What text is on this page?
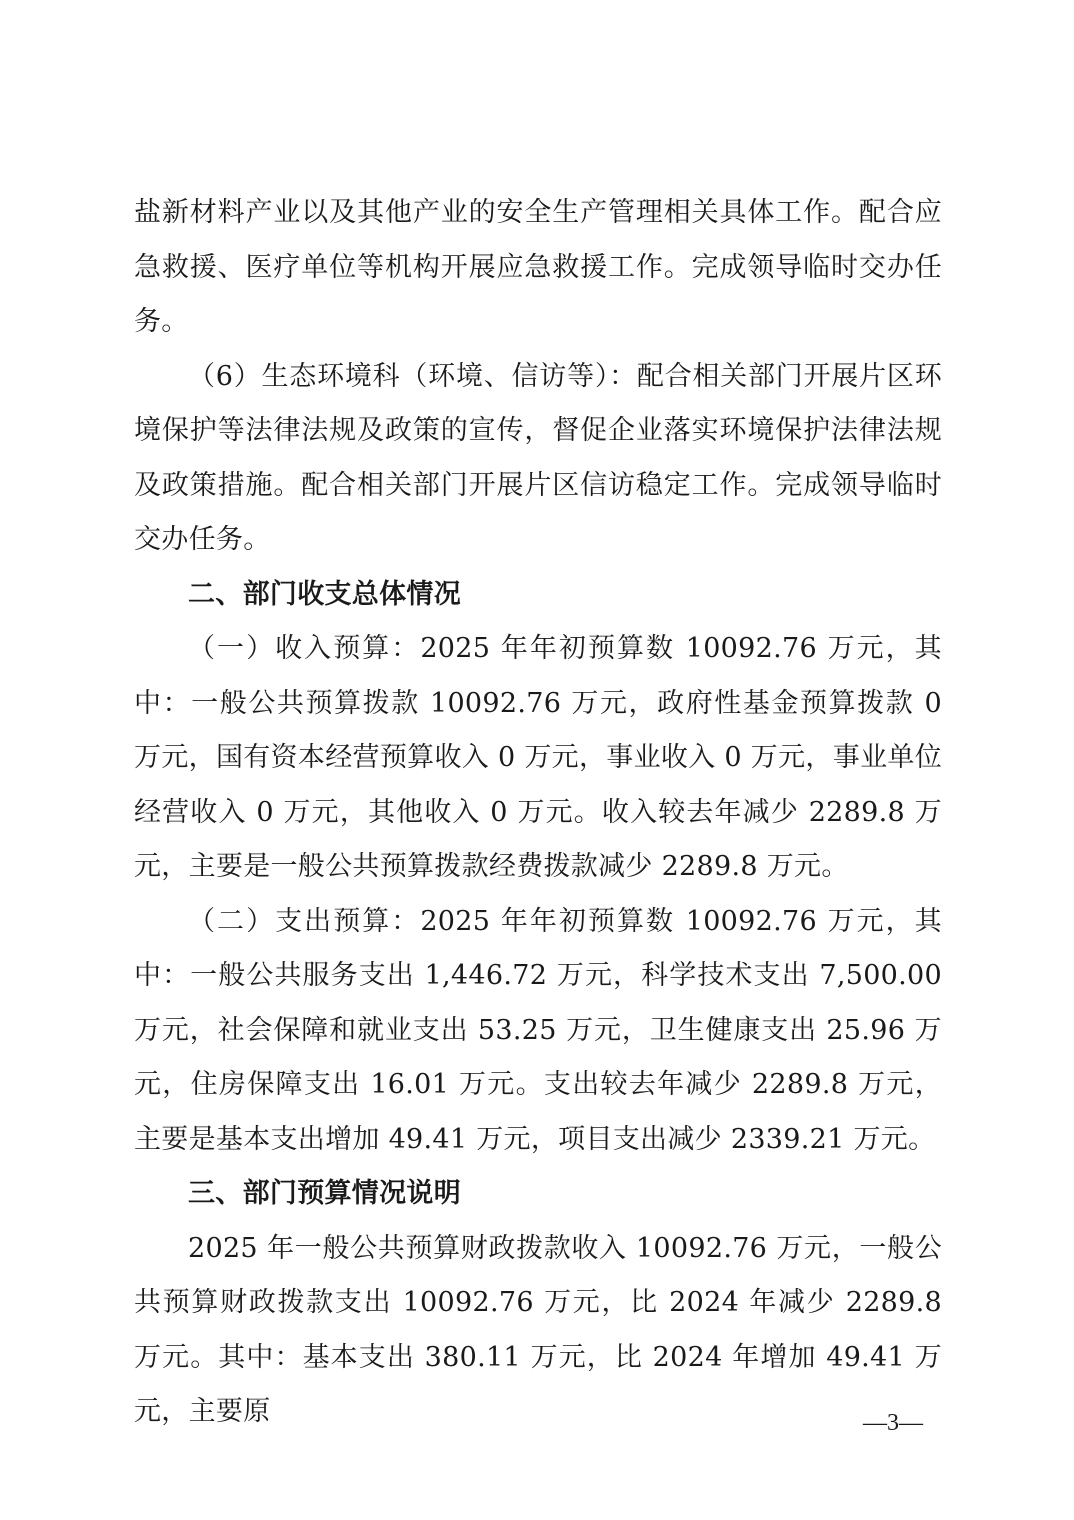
盐新材料产业以及其他产业的安全生产管理相关具体工作。配合应急救援、医疗单位等机构开展应急救援工作。完成领导临时交办任务。

（6）生态环境科（环境、信访等）：配合相关部门开展片区环境保护等法律法规及政策的宣传，督促企业落实环境保护法律法规及政策措施。配合相关部门开展片区信访稳定工作。完成领导临时交办任务。

二、部门收支总体情况

（一）收入预算：2025 年年初预算数 10092.76 万元，其中：一般公共预算拨款 10092.76 万元，政府性基金预算拨款 0 万元，国有资本经营预算收入 0 万元，事业收入 0 万元，事业单位经营收入 0 万元，其他收入 0 万元。收入较去年减少 2289.8 万元，主要是一般公共预算拨款经费拨款减少 2289.8 万元。

（二）支出预算：2025 年年初预算数 10092.76 万元，其中：一般公共服务支出 1,446.72 万元，科学技术支出 7,500.00 万元，社会保障和就业支出 53.25 万元，卫生健康支出 25.96 万元，住房保障支出 16.01 万元。支出较去年减少 2289.8 万元，主要是基本支出增加 49.41 万元，项目支出减少 2339.21 万元。

三、部门预算情况说明

2025 年一般公共预算财政拨款收入 10092.76 万元，一般公共预算财政拨款支出 10092.76 万元，比 2024 年减少 2289.8 万元。其中：基本支出 380.11 万元，比 2024 年增加 49.41 万元，主要原	—3—
